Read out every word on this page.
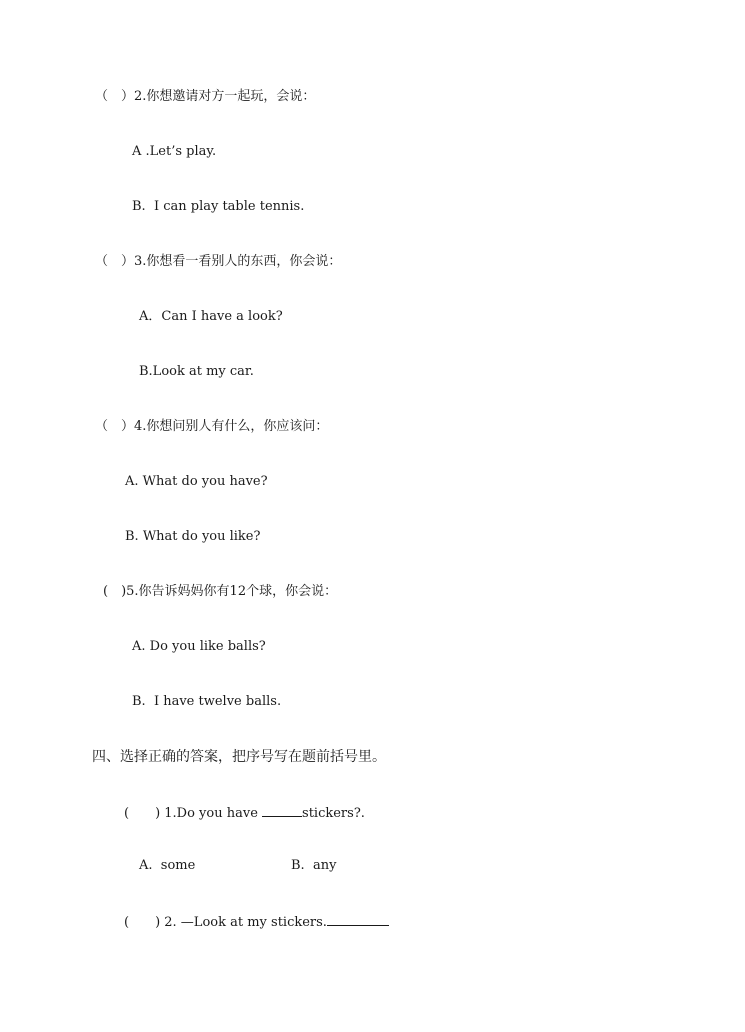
（　）2.你想邀请对方一起玩，会说：
A .Let’s play.
B.  I can play table tennis.
（　）3.你想看一看别人的东西，你会说：
A．Can I have a look?
B.Look at my car.
（　）4.你想问别人有什么，你应该问：
A. What do you have?
B. What do you like?
(　)5.你告诉妈妈你有12个球，你会说：
A. Do you like balls?
B.  I have twelve balls.
四、选择正确的答案，把序号写在题前括号里。
(　　) 1.Do you have	stickers?.
A.  some	B.  any
(　　) 2. —Look at my stickers.
